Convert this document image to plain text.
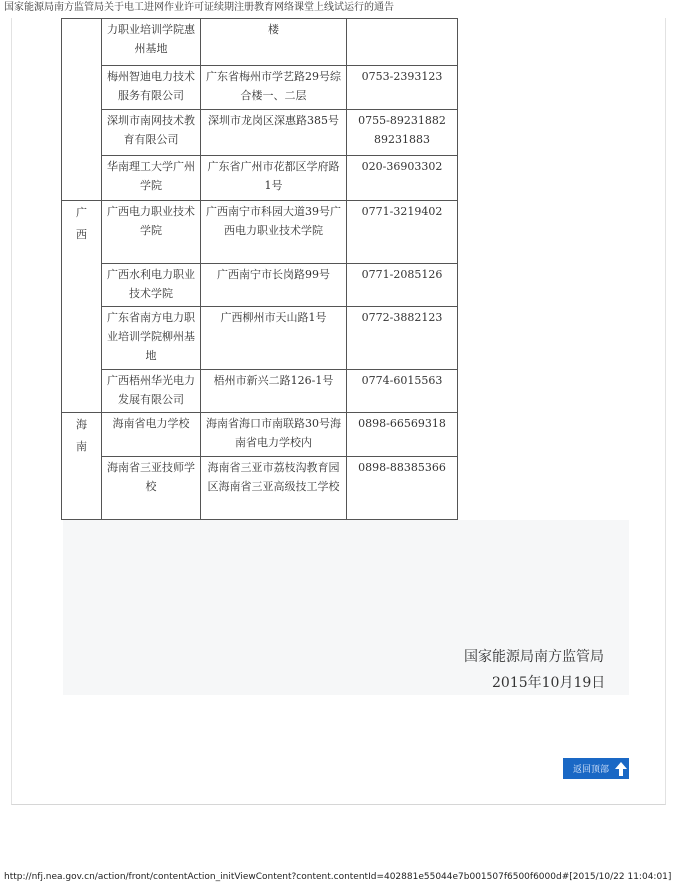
国家能源局南方监管局关于电工进网作业许可证续期注册教育网络课堂上线试运行的通告

	力职业培训学院惠州基地	楼	

	梅州智迪电力技术服务有限公司	广东省梅州市学艺路29号综合楼一、二层	0753-2393123

	深圳市南网技术教育有限公司	深圳市龙岗区深惠路385号	0755-89231882 89231883

	华南理工大学广州学院	广东省广州市花都区学府路1号	020-36903302

广西	广西电力职业技术学院	广西南宁市科园大道39号广西电力职业技术学院	0771-3219402

	广西水利电力职业技术学院	广西南宁市长岗路99号	0771-2085126

	广东省南方电力职业培训学院柳州基地	广西柳州市天山路1号	0772-3882123

	广西梧州华光电力发展有限公司	梧州市新兴二路126-1号	0774-6015563

海南	海南省电力学校	海南省海口市南联路30号海南省电力学校内	0898-66569318

	海南省三亚技师学校	海南省三亚市荔枝沟教育园区海南省三亚高级技工学校	0898-88385366
国家能源局南方监管局
2015年10月19日
返回顶部
http://nfj.nea.gov.cn/action/front/contentAction_initViewContent?content.contentId=402881e55044e7b001507f6500f6000d#[2015/10/22 11:04:01]
